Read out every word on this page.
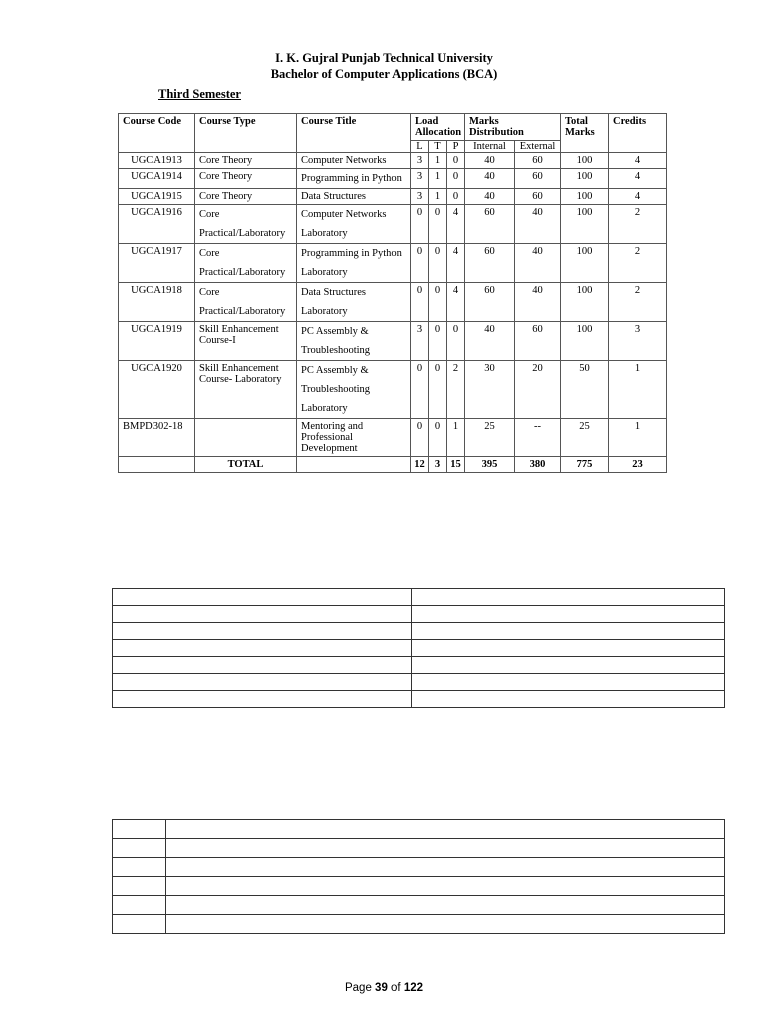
I. K. Gujral Punjab Technical University
Bachelor of Computer Applications (BCA)
Third Semester
Course Code	Course Type	Course Title	Load Allocation			Marks Distribution		Total Marks	Credits
			L	T	P	Internal	External		
UGCA1913	Core Theory	Computer Networks	3	1	0	40	60	100	4
UGCA1914	Core Theory	Programming in Python	3	1	0	40	60	100	4
UGCA1915	Core Theory	Data Structures	3	1	0	40	60	100	4
UGCA1916	Core Practical/Laboratory	Computer Networks Laboratory	0	0	4	60	40	100	2
UGCA1917	Core Practical/Laboratory	Programming in Python Laboratory	0	0	4	60	40	100	2
UGCA1918	Core Practical/Laboratory	Data Structures Laboratory	0	0	4	60	40	100	2
UGCA1919	Skill Enhancement Course-I	PC Assembly & Troubleshooting	3	0	0	40	60	100	3
UGCA1920	Skill Enhancement Course- Laboratory	PC Assembly & Troubleshooting Laboratory	0	0	2	30	20	50	1
BMPD302-18		Mentoring and Professional Development	0	0	1	25	--	25	1
	TOTAL		12	3	15	395	380	775	23

Page 39 of 122
